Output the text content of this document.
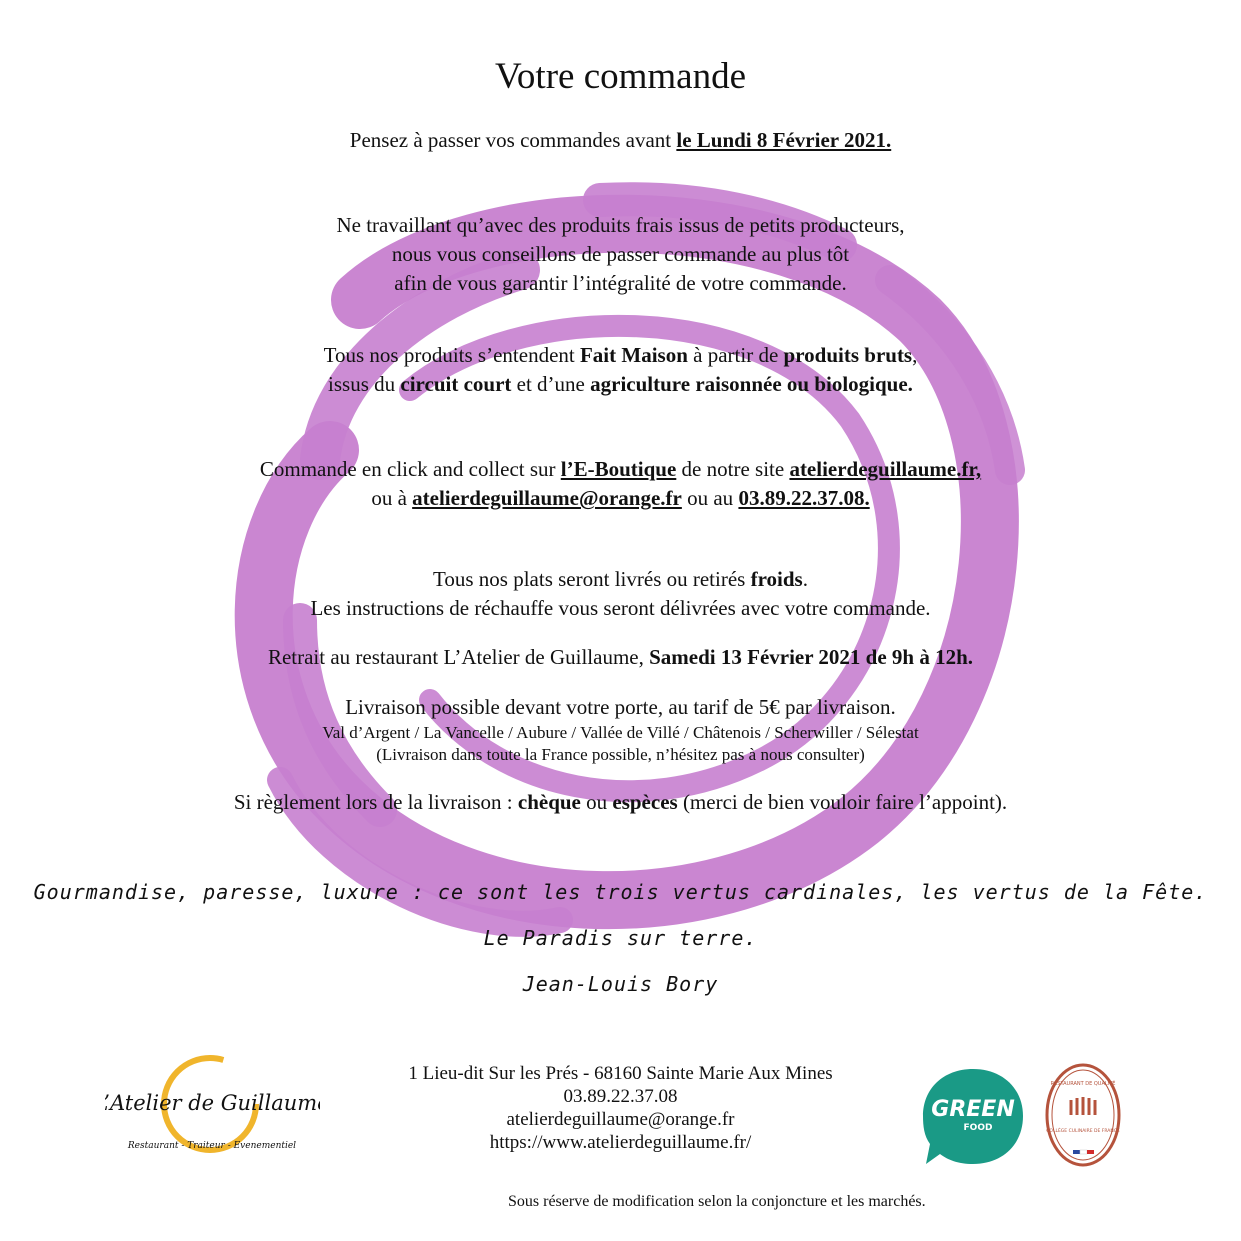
Votre commande
Pensez à passer vos commandes avant le Lundi 8 Février 2021.
Ne travaillant qu’avec des produits frais issus de petits producteurs,
nous vous conseillons de passer commande au plus tôt
afin de vous garantir l’intégralité de votre commande.
Tous nos produits s’entendent Fait Maison à partir de produits bruts,
issus du circuit court et d’une agriculture raisonnée ou biologique.
Commande en click and collect sur l’E-Boutique de notre site atelierdeguillaume.fr,
ou à atelierdeguillaume@orange.fr ou au 03.89.22.37.08.
Tous nos plats seront livrés ou retirés froids.
Les instructions de réchauffe vous seront délivrées avec votre commande.
Retrait au restaurant L’Atelier de Guillaume, Samedi 13 Février 2021 de 9h à 12h.
Livraison possible devant votre porte, au tarif de 5€ par livraison.
Val d’Argent / La Vancelle / Aubure / Vallée de Villé / Châtenois / Scherwiller / Sélestat
(Livraison dans toute la France possible, n’hésitez pas à nous consulter)
Si règlement lors de la livraison : chèque ou espèces (merci de bien vouloir faire l’appoint).
Gourmandise, paresse, luxure : ce sont les trois vertus cardinales, les vertus de la Fête.
Le Paradis sur terre.
Jean-Louis Bory
1 Lieu-dit Sur les Prés - 68160 Sainte Marie Aux Mines
03.89.22.37.08
atelierdeguillaume@orange.fr
https://www.atelierdeguillaume.fr/
L’Atelier de Guillaume
Restaurant - Traiteur - Evenementiel
GREEN
FOOD
RESTAURANT DE QUALITÉ
COLLÈGE CULINAIRE DE FRANCE
Sous réserve de modification selon la conjoncture et les marchés.
